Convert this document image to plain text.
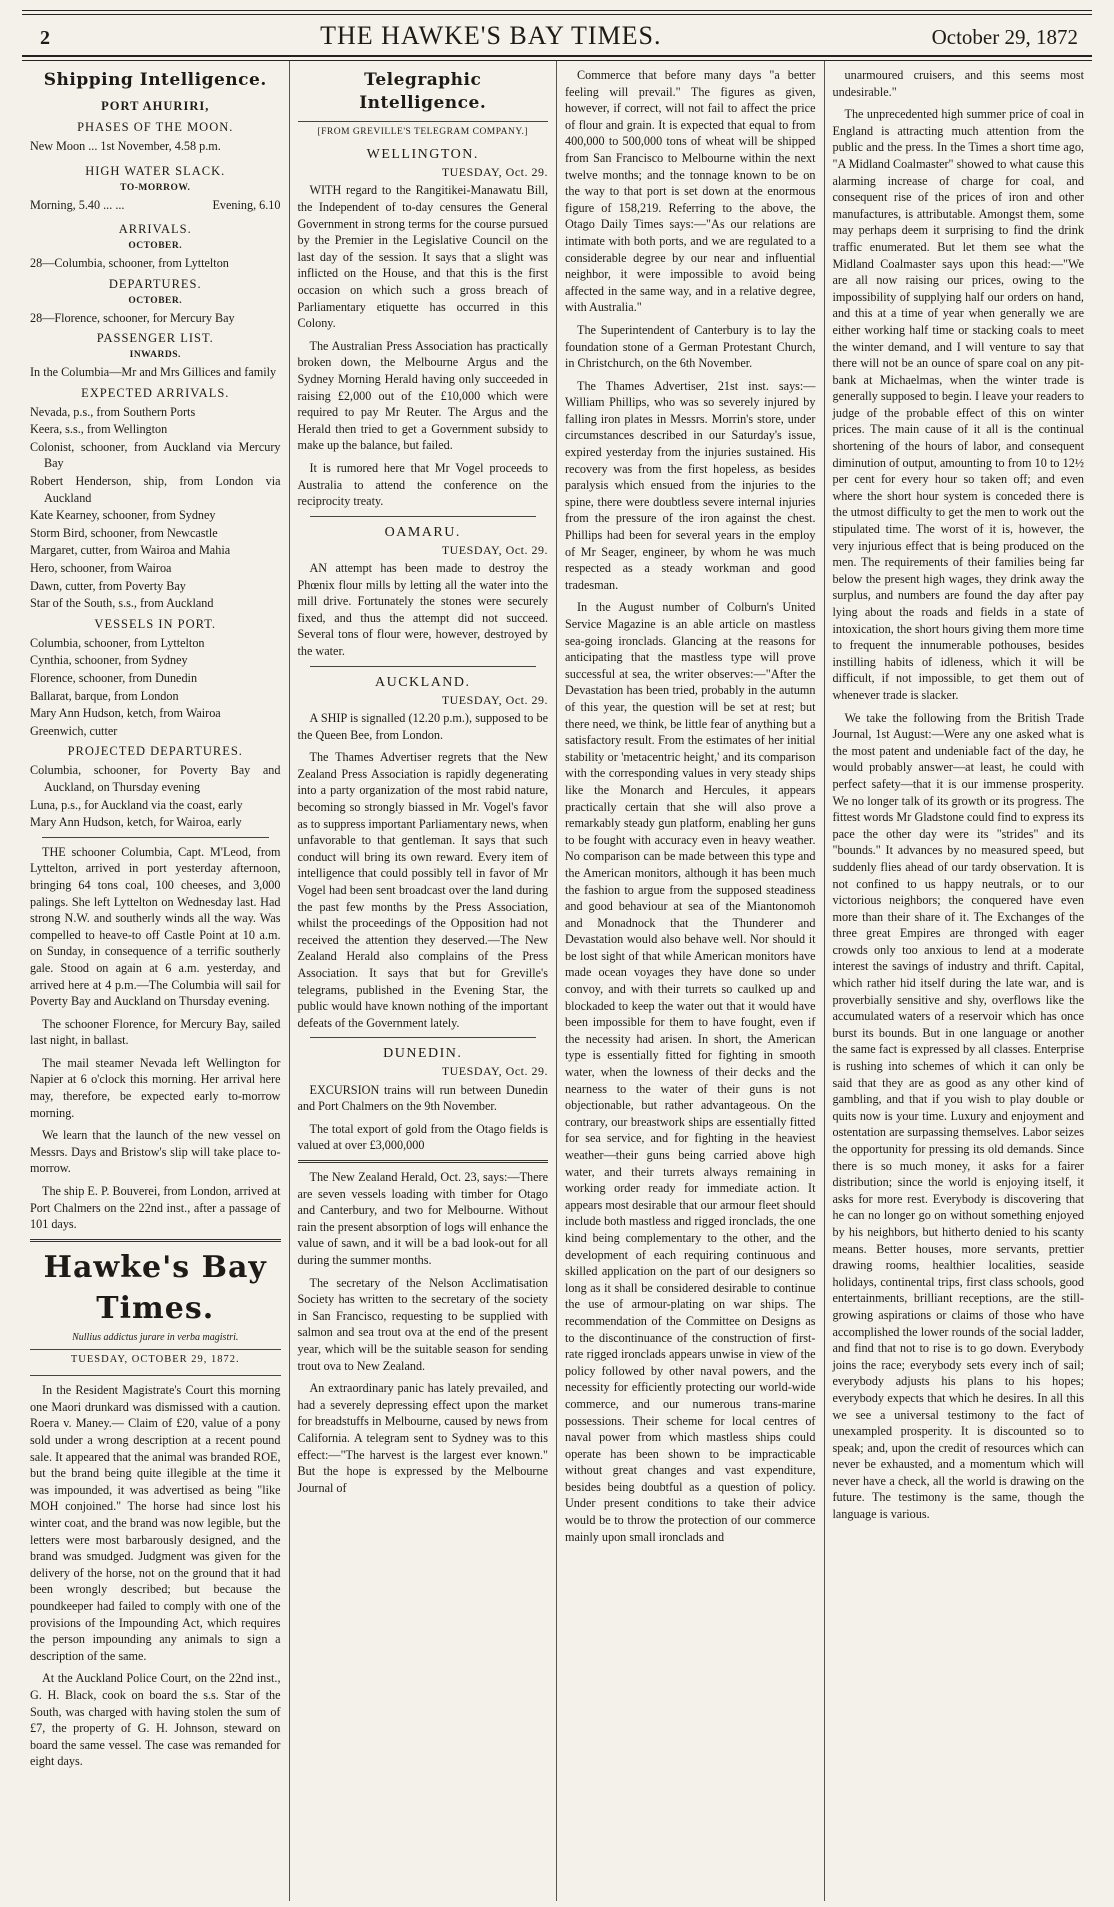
2	THE HAWKE'S BAY TIMES.	October 29, 1872
Shipping Intelligence.
PORT AHURIRI,
PHASES OF THE MOON.
New Moon ... 1st November, 4.58 p.m.
HIGH WATER SLACK.
TO-MORROW.
Morning, 5.40 ... ...	Evening, 6.10
ARRIVALS.
OCTOBER.
28—Columbia, schooner, from Lyttelton
DEPARTURES.
OCTOBER.
28—Florence, schooner, for Mercury Bay
PASSENGER LIST.
INWARDS.
In the Columbia—Mr and Mrs Gillices and family
EXPECTED ARRIVALS.
Nevada, p.s., from Southern Ports
Keera, s.s., from Wellington
Colonist, schooner, from Auckland via Mercury Bay
Robert Henderson, ship, from London via Auckland
Kate Kearney, schooner, from Sydney
Storm Bird, schooner, from Newcastle
Margaret, cutter, from Wairoa and Mahia
Hero, schooner, from Wairoa
Dawn, cutter, from Poverty Bay
Star of the South, s.s., from Auckland
VESSELS IN PORT.
Columbia, schooner, from Lyttelton
Cynthia, schooner, from Sydney
Florence, schooner, from Dunedin
Ballarat, barque, from London
Mary Ann Hudson, ketch, from Wairoa
Greenwich, cutter
PROJECTED DEPARTURES.
Columbia, schooner, for Poverty Bay and Auckland, on Thursday evening
Luna, p.s., for Auckland via the coast, early
Mary Ann Hudson, ketch, for Wairoa, early

THE schooner Columbia, Capt. M'Leod, from Lyttelton, arrived in port yesterday afternoon, bringing 64 tons coal, 100 cheeses, and 3,000 palings. She left Lyttelton on Wednesday last. Had strong N.W. and southerly winds all the way. Was compelled to heave-to off Castle Point at 10 a.m. on Sunday, in consequence of a terrific southerly gale. Stood on again at 6 a.m. yesterday, and arrived here at 4 p.m.—The Columbia will sail for Poverty Bay and Auckland on Thursday evening.

The schooner Florence, for Mercury Bay, sailed last night, in ballast.

The mail steamer Nevada left Wellington for Napier at 6 o'clock this morning. Her arrival here may, therefore, be expected early to-morrow morning.

We learn that the launch of the new vessel on Messrs. Days and Bristow's slip will take place to-morrow.

The ship E. P. Bouverei, from London, arrived at Port Chalmers on the 22nd inst., after a passage of 101 days.

Hawke's Bay Times.
Nullius addictus jurare in verba magistri.
TUESDAY, OCTOBER 29, 1872.

In the Resident Magistrate's Court this morning one Maori drunkard was dismissed with a caution. Roera v. Maney.— Claim of £20, value of a pony sold under a wrong description at a recent pound sale. It appeared that the animal was branded ROE, but the brand being quite illegible at the time it was impounded, it was advertised as being "like MOH conjoined." The horse had since lost his winter coat, and the brand was now legible, but the letters were most barbarously designed, and the brand was smudged. Judgment was given for the delivery of the horse, not on the ground that it had been wrongly described; but because the poundkeeper had failed to comply with one of the provisions of the Impounding Act, which requires the person impounding any animals to sign a description of the same.

At the Auckland Police Court, on the 22nd inst., G. H. Black, cook on board the s.s. Star of the South, was charged with having stolen the sum of £7, the property of G. H. Johnson, steward on board the same vessel. The case was remanded for eight days.

Telegraphic Intelligence.
[FROM GREVILLE'S TELEGRAM COMPANY.]
WELLINGTON.
TUESDAY, Oct. 29.

WITH regard to the Rangitikei-Manawatu Bill, the Independent of to-day censures the General Government in strong terms for the course pursued by the Premier in the Legislative Council on the last day of the session. It says that a slight was inflicted on the House, and that this is the first occasion on which such a gross breach of Parliamentary etiquette has occurred in this Colony.

The Australian Press Association has practically broken down, the Melbourne Argus and the Sydney Morning Herald having only succeeded in raising £2,000 out of the £10,000 which were required to pay Mr Reuter. The Argus and the Herald then tried to get a Government subsidy to make up the balance, but failed.

It is rumored here that Mr Vogel proceeds to Australia to attend the conference on the reciprocity treaty.

OAMARU.
TUESDAY, Oct. 29.

AN attempt has been made to destroy the Phœnix flour mills by letting all the water into the mill drive. Fortunately the stones were securely fixed, and thus the attempt did not succeed. Several tons of flour were, however, destroyed by the water.

AUCKLAND.
TUESDAY, Oct. 29.

A SHIP is signalled (12.20 p.m.), supposed to be the Queen Bee, from London.

The Thames Advertiser regrets that the New Zealand Press Association is rapidly degenerating into a party organization of the most rabid nature, becoming so strongly biassed in Mr. Vogel's favor as to suppress important Parliamentary news, when unfavorable to that gentleman. It says that such conduct will bring its own reward. Every item of intelligence that could possibly tell in favor of Mr Vogel had been sent broadcast over the land during the past few months by the Press Association, whilst the proceedings of the Opposition had not received the attention they deserved.—The New Zealand Herald also complains of the Press Association. It says that but for Greville's telegrams, published in the Evening Star, the public would have known nothing of the important defeats of the Government lately.

DUNEDIN.
TUESDAY, Oct. 29.

EXCURSION trains will run between Dunedin and Port Chalmers on the 9th November.

The total export of gold from the Otago fields is valued at over £3,000,000

The New Zealand Herald, Oct. 23, says:—There are seven vessels loading with timber for Otago and Canterbury, and two for Melbourne. Without rain the present absorption of logs will enhance the value of sawn, and it will be a bad look-out for all during the summer months.

The secretary of the Nelson Acclimatisation Society has written to the secretary of the society in San Francisco, requesting to be supplied with salmon and sea trout ova at the end of the present year, which will be the suitable season for sending trout ova to New Zealand.

An extraordinary panic has lately prevailed, and had a severely depressing effect upon the market for breadstuffs in Melbourne, caused by news from California. A telegram sent to Sydney was to this effect:—"The harvest is the largest ever known." But the hope is expressed by the Melbourne Journal of

Commerce that before many days "a better feeling will prevail." The figures as given, however, if correct, will not fail to affect the price of flour and grain. It is expected that equal to from 400,000 to 500,000 tons of wheat will be shipped from San Francisco to Melbourne within the next twelve months; and the tonnage known to be on the way to that port is set down at the enormous figure of 158,219. Referring to the above, the Otago Daily Times says:—"As our relations are intimate with both ports, and we are regulated to a considerable degree by our near and influential neighbor, it were impossible to avoid being affected in the same way, and in a relative degree, with Australia."

The Superintendent of Canterbury is to lay the foundation stone of a German Protestant Church, in Christchurch, on the 6th November.

The Thames Advertiser, 21st inst. says:—William Phillips, who was so severely injured by falling iron plates in Messrs. Morrin's store, under circumstances described in our Saturday's issue, expired yesterday from the injuries sustained. His recovery was from the first hopeless, as besides paralysis which ensued from the injuries to the spine, there were doubtless severe internal injuries from the pressure of the iron against the chest. Phillips had been for several years in the employ of Mr Seager, engineer, by whom he was much respected as a steady workman and good tradesman.

In the August number of Colburn's United Service Magazine is an able article on mastless sea-going ironclads. Glancing at the reasons for anticipating that the mastless type will prove successful at sea, the writer observes:—"After the Devastation has been tried, probably in the autumn of this year, the question will be set at rest; but there need, we think, be little fear of anything but a satisfactory result. From the estimates of her initial stability or 'metacentric height,' and its comparison with the corresponding values in very steady ships like the Monarch and Hercules, it appears practically certain that she will also prove a remarkably steady gun platform, enabling her guns to be fought with accuracy even in heavy weather. No comparison can be made between this type and the American monitors, although it has been much the fashion to argue from the supposed steadiness and good behaviour at sea of the Miantonomoh and Monadnock that the Thunderer and Devastation would also behave well. Nor should it be lost sight of that while American monitors have made ocean voyages they have done so under convoy, and with their turrets so caulked up and blockaded to keep the water out that it would have been impossible for them to have fought, even if the necessity had arisen. In short, the American type is essentially fitted for fighting in smooth water, when the lowness of their decks and the nearness to the water of their guns is not objectionable, but rather advantageous. On the contrary, our breastwork ships are essentially fitted for sea service, and for fighting in the heaviest weather—their guns being carried above high water, and their turrets always remaining in working order ready for immediate action. It appears most desirable that our armour fleet should include both mastless and rigged ironclads, the one kind being complementary to the other, and the development of each requiring continuous and skilled application on the part of our designers so long as it shall be considered desirable to continue the use of armour-plating on war ships. The recommendation of the Committee on Designs as to the discontinuance of the construction of first-rate rigged ironclads appears unwise in view of the policy followed by other naval powers, and the necessity for efficiently protecting our world-wide commerce, and our numerous trans-marine possessions. Their scheme for local centres of naval power from which mastless ships could operate has been shown to be impracticable without great changes and vast expenditure, besides being doubtful as a question of policy. Under present conditions to take their advice would be to throw the protection of our commerce mainly upon small ironclads and

unarmoured cruisers, and this seems most undesirable."

The unprecedented high summer price of coal in England is attracting much attention from the public and the press. In the Times a short time ago, "A Midland Coalmaster" showed to what cause this alarming increase of charge for coal, and consequent rise of the prices of iron and other manufactures, is attributable. Amongst them, some may perhaps deem it surprising to find the drink traffic enumerated. But let them see what the Midland Coalmaster says upon this head:—"We are all now raising our prices, owing to the impossibility of supplying half our orders on hand, and this at a time of year when generally we are either working half time or stacking coals to meet the winter demand, and I will venture to say that there will not be an ounce of spare coal on any pit-bank at Michaelmas, when the winter trade is generally supposed to begin. I leave your readers to judge of the probable effect of this on winter prices. The main cause of it all is the continual shortening of the hours of labor, and consequent diminution of output, amounting to from 10 to 12½ per cent for every hour so taken off; and even where the short hour system is conceded there is the utmost difficulty to get the men to work out the stipulated time. The worst of it is, however, the very injurious effect that is being produced on the men. The requirements of their families being far below the present high wages, they drink away the surplus, and numbers are found the day after pay lying about the roads and fields in a state of intoxication, the short hours giving them more time to frequent the innumerable pothouses, besides instilling habits of idleness, which it will be difficult, if not impossible, to get them out of whenever trade is slacker.

We take the following from the British Trade Journal, 1st August:—Were any one asked what is the most patent and undeniable fact of the day, he would probably answer—at least, he could with perfect safety—that it is our immense prosperity. We no longer talk of its growth or its progress. The fittest words Mr Gladstone could find to express its pace the other day were its "strides" and its "bounds." It advances by no measured speed, but suddenly flies ahead of our tardy observation. It is not confined to us happy neutrals, or to our victorious neighbors; the conquered have even more than their share of it. The Exchanges of the three great Empires are thronged with eager crowds only too anxious to lend at a moderate interest the savings of industry and thrift. Capital, which rather hid itself during the late war, and is proverbially sensitive and shy, overflows like the accumulated waters of a reservoir which has once burst its bounds. But in one language or another the same fact is expressed by all classes. Enterprise is rushing into schemes of which it can only be said that they are as good as any other kind of gambling, and that if you wish to play double or quits now is your time. Luxury and enjoyment and ostentation are surpassing themselves. Labor seizes the opportunity for pressing its old demands. Since there is so much money, it asks for a fairer distribution; since the world is enjoying itself, it asks for more rest. Everybody is discovering that he can no longer go on without something enjoyed by his neighbors, but hitherto denied to his scanty means. Better houses, more servants, prettier drawing rooms, healthier localities, seaside holidays, continental trips, first class schools, good entertainments, brilliant receptions, are the still-growing aspirations or claims of those who have accomplished the lower rounds of the social ladder, and find that not to rise is to go down. Everybody joins the race; everybody sets every inch of sail; everybody adjusts his plans to his hopes; everybody expects that which he desires. In all this we see a universal testimony to the fact of unexampled prosperity. It is discounted so to speak; and, upon the credit of resources which can never be exhausted, and a momentum which will never have a check, all the world is drawing on the future. The testimony is the same, though the language is various.
